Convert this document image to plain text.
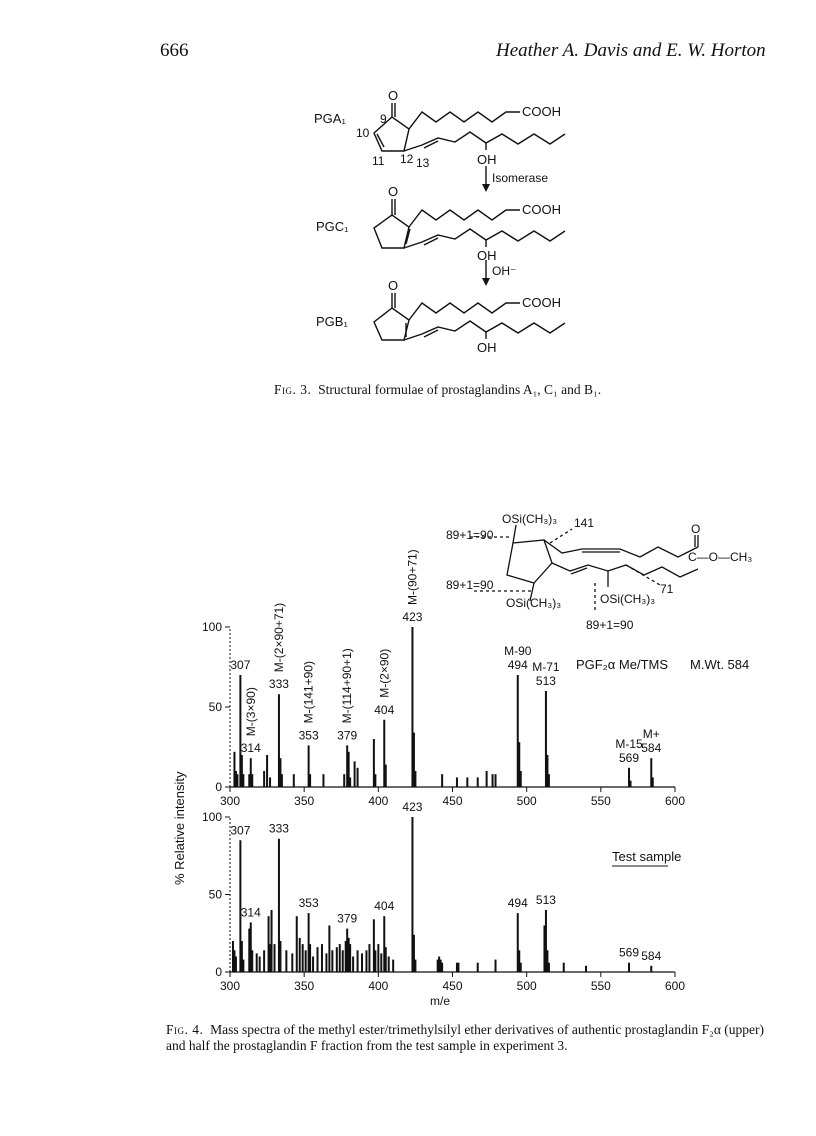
666	Heather A. Davis and E. W. Horton
PGA₁
O
COOH
OH
9
10
11 12 13
Isomerase
PGC₁
O
COOH
OH
OH⁻
PGB₁
O
COOH
OH
Fig. 3. Structural formulae of prostaglandins A₁, C₁ and B₁.
89+1=90
89+1=90
89+1=90
OSi(CH₃)₃
OSi(CH₃)₃	OSi(CH₃)₃
141
71
O
C—O—CH₃
PGF₂α Me/TMS M.Wt. 584
Test sample
% Relative intensity
m/e
300	350	400	450	500	550	600
0
50
100
307
314
M-(3×90)
333
M-(2×90+71)
353
M-(141+90)
379
M-(114+90+1) 404
M-(2×90)
423
M-(90+71)
494
M-90
513
M-71
569
M-15
584
M+
300	350	400	450	500	550	600
0
50
100
307
314
333
353
379
404
423
494 513
569 584
Fig. 4. Mass spectra of the methyl ester/trimethylsilyl ether derivatives of authentic prostaglandin F₂α (upper) and half the prostaglandin F fraction from the test sample in experiment 3.
